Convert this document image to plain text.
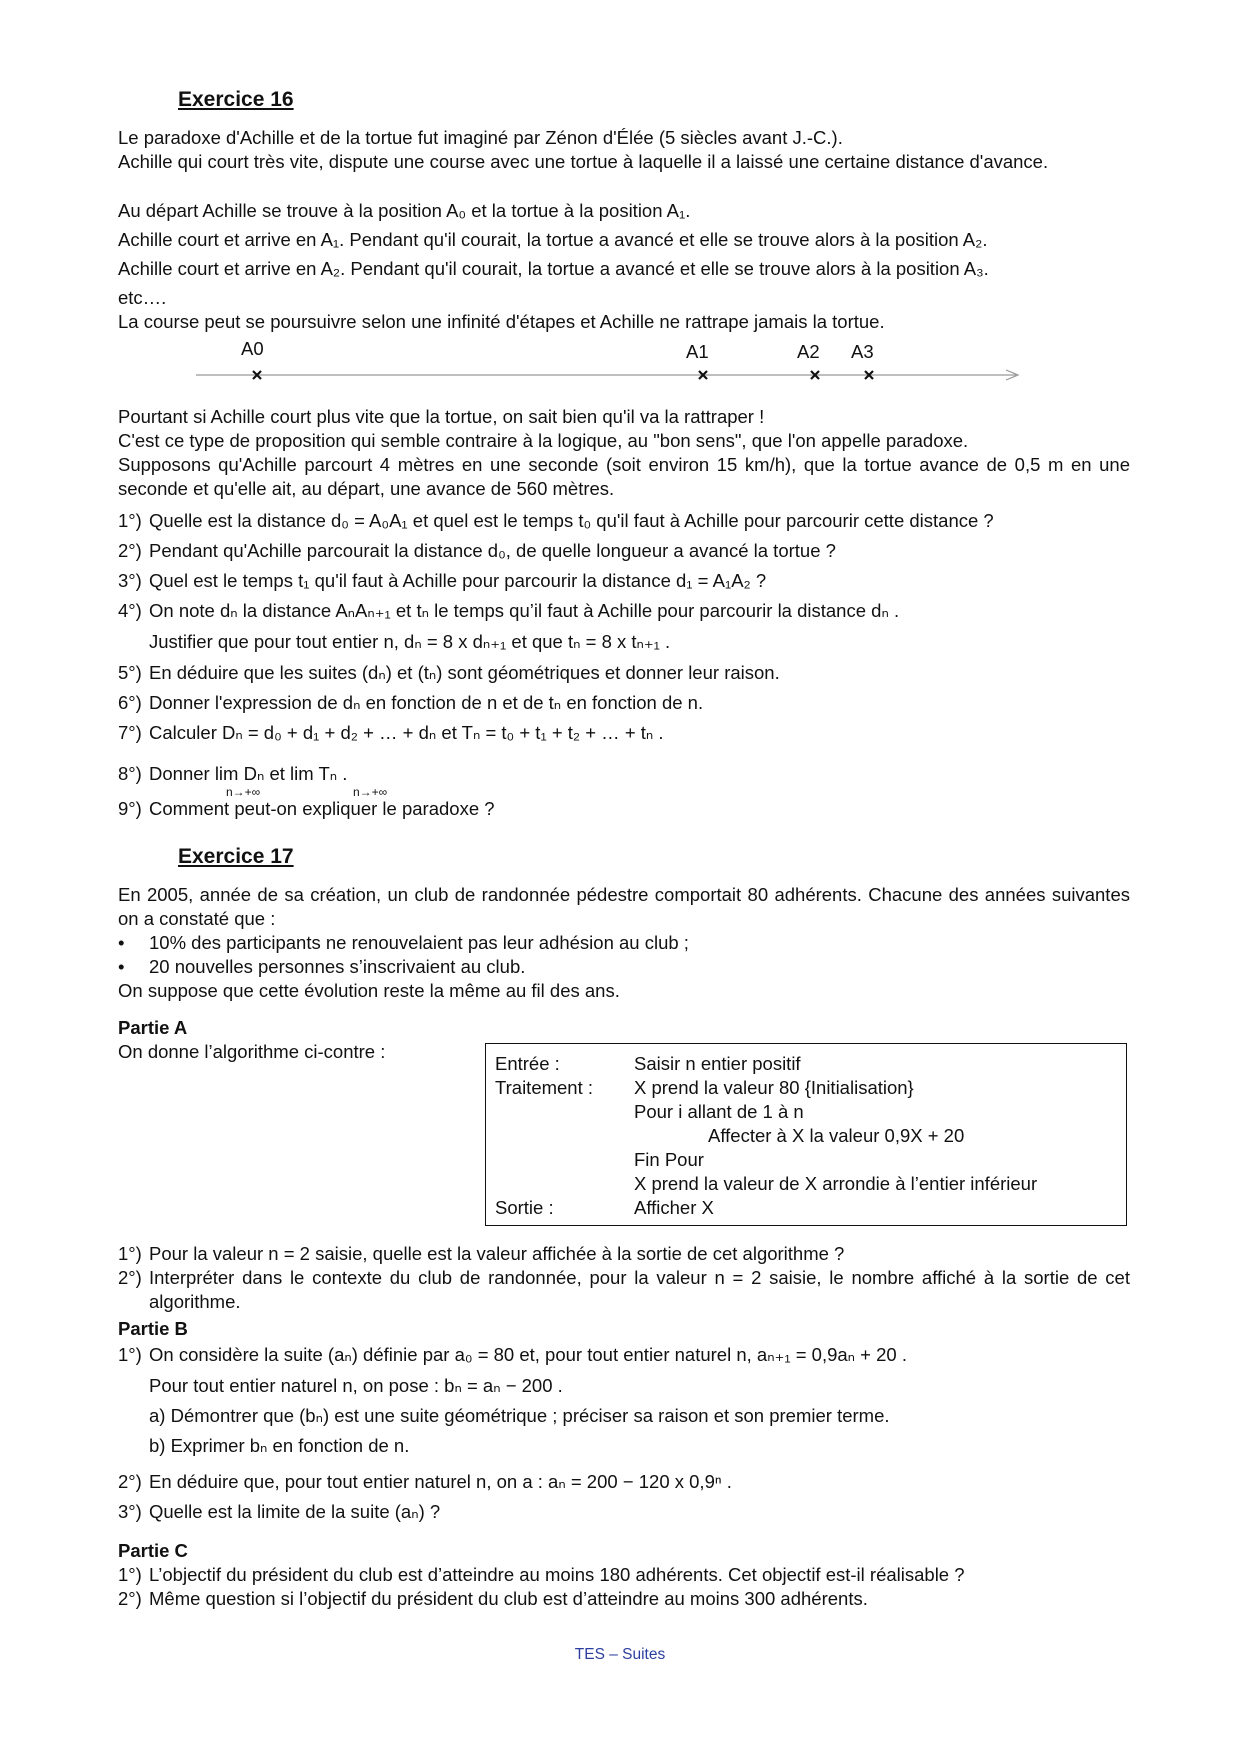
Exercice 16
Le paradoxe d'Achille et de la tortue fut imaginé par Zénon d'Élée (5 siècles avant J.-C.).
Achille qui court très vite, dispute une course avec une tortue à laquelle il a laissé une certaine distance d'avance.
Au départ Achille se trouve à la position A₀ et la tortue à la position A₁.
Achille court et arrive en A₁. Pendant qu'il courait, la tortue a avancé et elle se trouve alors à la position A₂.
Achille court et arrive en A₂. Pendant qu'il courait, la tortue a avancé et elle se trouve alors à la position A₃.
etc….
La course peut se poursuivre selon une infinité d'étapes et Achille ne rattrape jamais la tortue.
A0	A1	A2 A3
Pourtant si Achille court plus vite que la tortue, on sait bien qu'il va la rattraper !
C'est ce type de proposition qui semble contraire à la logique, au "bon sens", que l'on appelle paradoxe.
Supposons qu'Achille parcourt 4 mètres en une seconde (soit environ 15 km/h), que la tortue avance de 0,5 m en une seconde et qu'elle ait, au départ, une avance de 560 mètres.
1°) Quelle est la distance d₀ = A₀A₁ et quel est le temps t₀ qu'il faut à Achille pour parcourir cette distance ?
2°) Pendant qu'Achille parcourait la distance d₀, de quelle longueur a avancé la tortue ?
3°) Quel est le temps t₁ qu'il faut à Achille pour parcourir la distance d₁ = A₁A₂ ?
4°) On note dₙ la distance AₙAₙ₊₁ et tₙ le temps qu’il faut à Achille pour parcourir la distance dₙ .
Justifier que pour tout entier n, dₙ = 8 x dₙ₊₁ et que tₙ = 8 x tₙ₊₁ .
5°) En déduire que les suites (dₙ) et (tₙ) sont géométriques et donner leur raison.
6°) Donner l'expression de dₙ en fonction de n et de tₙ en fonction de n.
7°) Calculer Dₙ = d₀ + d₁ + d₂ + … + dₙ et Tₙ = t₀ + t₁ + t₂ + … + tₙ .
8°) Donner lim Dₙ et lim Tₙ .
n→+∞	n→+∞
9°) Comment peut-on expliquer le paradoxe ?
Exercice 17
En 2005, année de sa création, un club de randonnée pédestre comportait 80 adhérents. Chacune des années suivantes on a constaté que :
• 10% des participants ne renouvelaient pas leur adhésion au club ;
• 20 nouvelles personnes s’inscrivaient au club.
On suppose que cette évolution reste la même au fil des ans.
Partie A
On donne l’algorithme ci-contre :
Entrée :	Saisir n entier positif
Traitement : X prend la valeur 80 {Initialisation}
Pour i allant de 1 à n
Affecter à X la valeur 0,9X + 20
Fin Pour
X prend la valeur de X arrondie à l’entier inférieur
Sortie :	Afficher X
1°) Pour la valeur n = 2 saisie, quelle est la valeur affichée à la sortie de cet algorithme ?
2°) Interpréter dans le contexte du club de randonnée, pour la valeur n = 2 saisie, le nombre affiché à la sortie de cet algorithme.
Partie B
1°) On considère la suite (aₙ) définie par a₀ = 80 et, pour tout entier naturel n, aₙ₊₁ = 0,9aₙ + 20 .
Pour tout entier naturel n, on pose : bₙ = aₙ − 200 .
a) Démontrer que (bₙ) est une suite géométrique ; préciser sa raison et son premier terme.
b) Exprimer bₙ en fonction de n.
2°) En déduire que, pour tout entier naturel n, on a : aₙ = 200 − 120 x 0,9ⁿ .
3°) Quelle est la limite de la suite (aₙ) ?
Partie C
1°) L’objectif du président du club est d’atteindre au moins 180 adhérents. Cet objectif est-il réalisable ?
2°) Même question si l’objectif du président du club est d’atteindre au moins 300 adhérents.
TES – Suites
